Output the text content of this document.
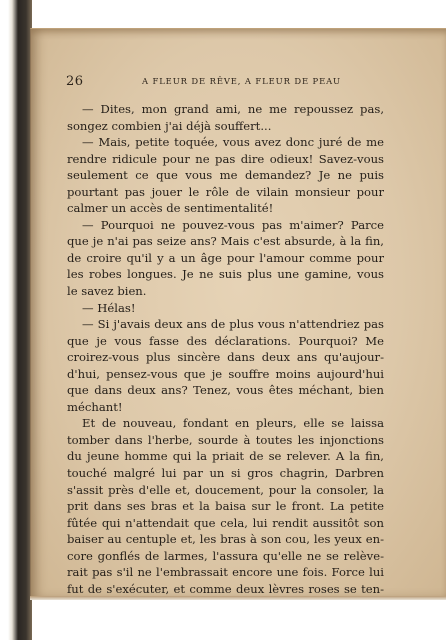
26	A FLEUR DE RÊVE, A FLEUR DE PEAU
— Dites, mon grand ami, ne me repoussez pas,
songez combien j'ai déjà souffert...
— Mais, petite toquée, vous avez donc juré de me
rendre ridicule pour ne pas dire odieux! Savez-vous
seulement ce que vous me demandez? Je ne puis
pourtant pas jouer le rôle de vilain monsieur pour
calmer un accès de sentimentalité!
— Pourquoi ne pouvez-vous pas m'aimer? Parce
que je n'ai pas seize ans? Mais c'est absurde, à la fin,
de croire qu'il y a un âge pour l'amour comme pour
les robes longues. Je ne suis plus une gamine, vous
le savez bien.
— Hélas!
— Si j'avais deux ans de plus vous n'attendriez pas
que je vous fasse des déclarations. Pourquoi? Me
croirez-vous plus sincère dans deux ans qu'aujour-
d'hui, pensez-vous que je souffre moins aujourd'hui
que dans deux ans? Tenez, vous êtes méchant, bien
méchant!
Et de nouveau, fondant en pleurs, elle se laissa
tomber dans l'herbe, sourde à toutes les injonctions
du jeune homme qui la priait de se relever. A la fin,
touché malgré lui par un si gros chagrin, Darbren
s'assit près d'elle et, doucement, pour la consoler, la
prit dans ses bras et la baisa sur le front. La petite
fûtée qui n'attendait que cela, lui rendit aussitôt son
baiser au centuple et, les bras à son cou, les yeux en-
core gonflés de larmes, l'assura qu'elle ne se relève-
rait pas s'il ne l'embrassait encore une fois. Force lui
fut de s'exécuter, et comme deux lèvres roses se ten-
